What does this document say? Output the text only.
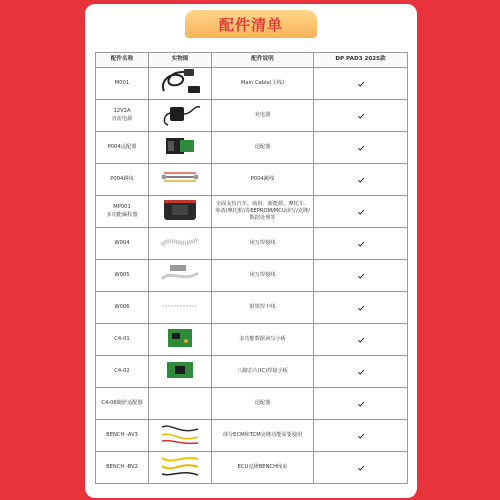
配件清单
配件名称	实物图	配件说明	DP PAD3 2025款

M001		Main Cable(主线)

12V2A
直流电源		充电器

P004适配器		适配器

P004跳线		P004跳线

MP001
多功能编程器		全面支持汽车、商用、新能源、摩托车、筹备(摩托船)等EEPROM/MCU读写/克隆/数据处理等

W004		读写焊接线

W005		读写焊接线

W006		射钳焊丰线

C4-01		多功能数据读写小板

C4-02		八脚芯片(IC)焊接小板

C4-06随萨适配器		适配器

BENCH -AV3		部分ECM和TCM克隆功能需要使用

BENCH -BV2		ECU克隆BENCH线束
